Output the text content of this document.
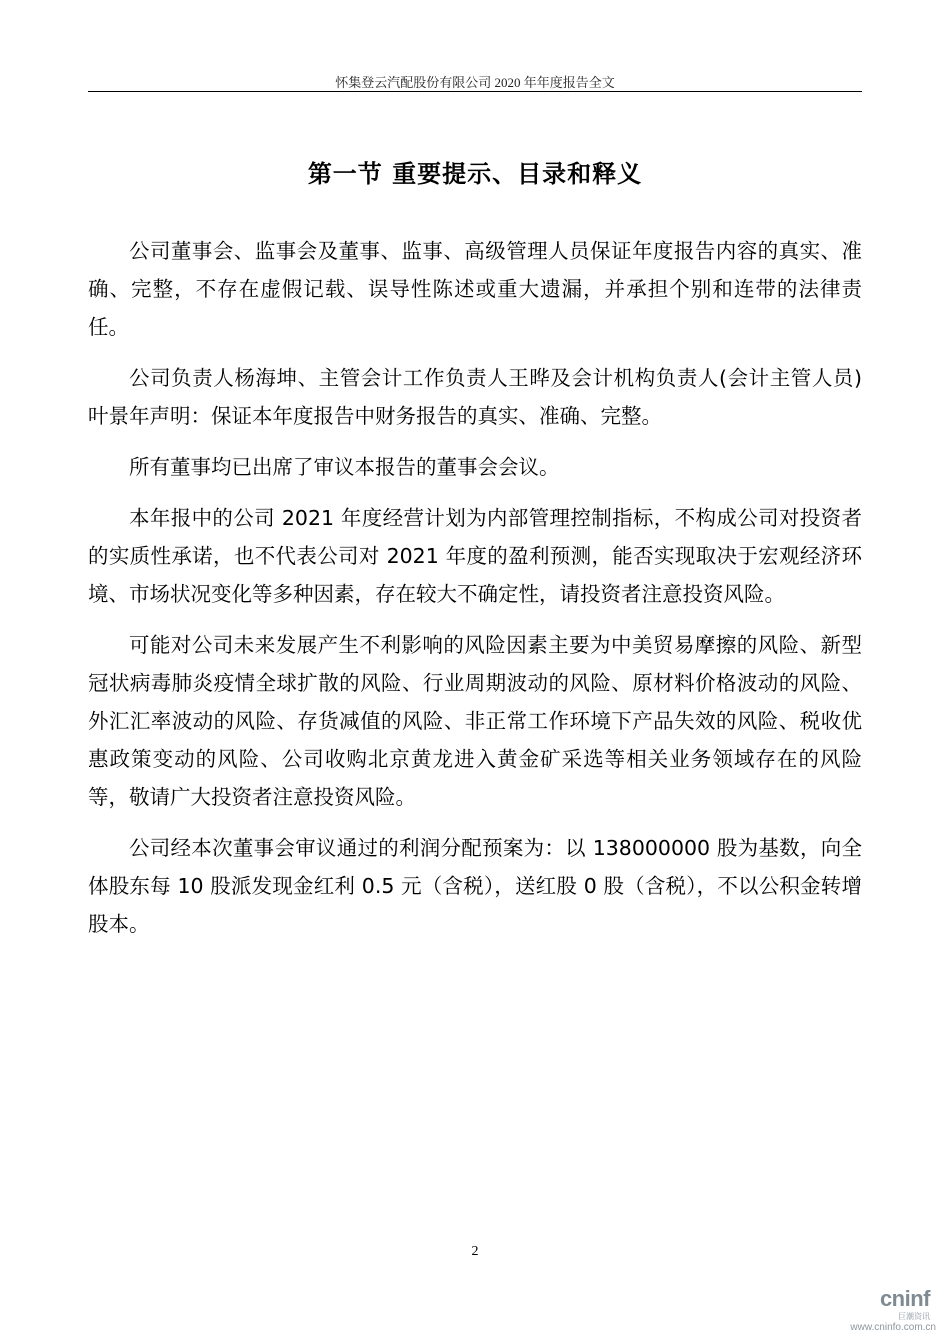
怀集登云汽配股份有限公司 2020 年年度报告全文
第一节 重要提示、目录和释义

公司董事会、监事会及董事、监事、高级管理人员保证年度报告内容的真实、准确、完整，不存在虚假记载、误导性陈述或重大遗漏，并承担个别和连带的法律责任。

公司负责人杨海坤、主管会计工作负责人王晔及会计机构负责人(会计主管人员)叶景年声明：保证本年度报告中财务报告的真实、准确、完整。

所有董事均已出席了审议本报告的董事会会议。

本年报中的公司 2021 年度经营计划为内部管理控制指标，不构成公司对投资者的实质性承诺，也不代表公司对 2021 年度的盈利预测，能否实现取决于宏观经济环境、市场状况变化等多种因素，存在较大不确定性，请投资者注意投资风险。

可能对公司未来发展产生不利影响的风险因素主要为中美贸易摩擦的风险、新型冠状病毒肺炎疫情全球扩散的风险、行业周期波动的风险、原材料价格波动的风险、外汇汇率波动的风险、存货减值的风险、非正常工作环境下产品失效的风险、税收优惠政策变动的风险、公司收购北京黄龙进入黄金矿采选等相关业务领域存在的风险等，敬请广大投资者注意投资风险。

公司经本次董事会审议通过的利润分配预案为：以 138000000 股为基数，向全体股东每 10 股派发现金红利 0.5 元（含税），送红股 0 股（含税），不以公积金转增股本。

2
cninf
巨潮资讯
www.cninfo.com.cn
